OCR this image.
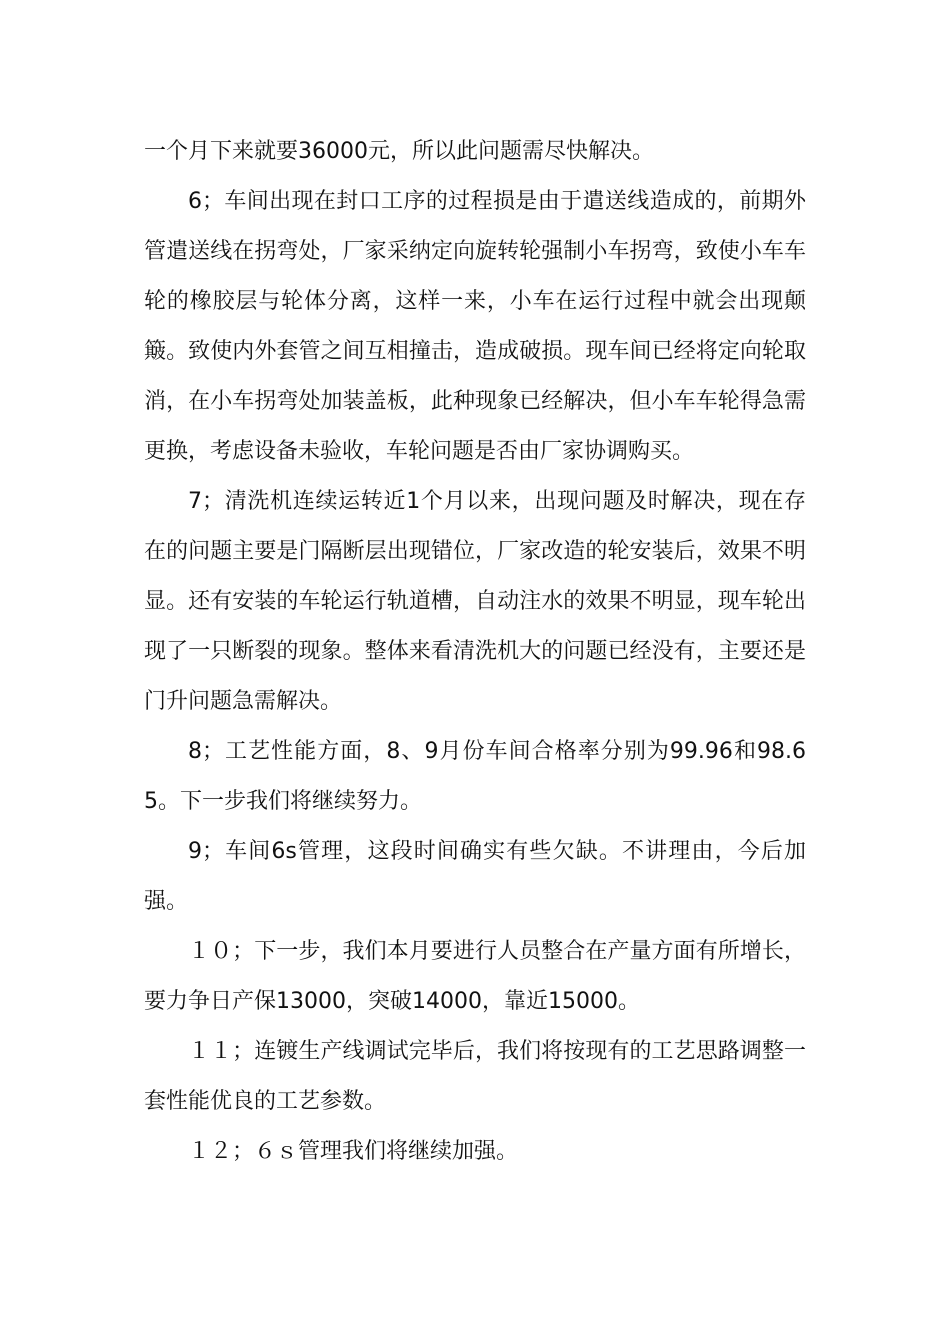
一个月下来就要36000元，所以此问题需尽快解决。

6；车间出现在封口工序的过程损是由于遣送线造成的，前期外管遣送线在拐弯处，厂家采纳定向旋转轮强制小车拐弯，致使小车车轮的橡胶层与轮体分离，这样一来，小车在运行过程中就会出现颠簸。致使内外套管之间互相撞击，造成破损。现车间已经将定向轮取消，在小车拐弯处加装盖板，此种现象已经解决，但小车车轮得急需更换，考虑设备未验收，车轮问题是否由厂家协调购买。

7；清洗机连续运转近1个月以来，出现问题及时解决，现在存在的问题主要是门隔断层出现错位，厂家改造的轮安装后，效果不明显。还有安装的车轮运行轨道槽，自动注水的效果不明显，现车轮出现了一只断裂的现象。整体来看清洗机大的问题已经没有，主要还是门升问题急需解决。

8；工艺性能方面，8、9月份车间合格率分别为99.96和98.65。下一步我们将继续努力。

9；车间6s管理，这段时间确实有些欠缺。不讲理由，今后加强。

１０；下一步，我们本月要进行人员整合在产量方面有所增长，要力争日产保13000，突破14000，靠近15000。

１１；连镀生产线调试完毕后，我们将按现有的工艺思路调整一套性能优良的工艺参数。

１２；６ｓ管理我们将继续加强。
